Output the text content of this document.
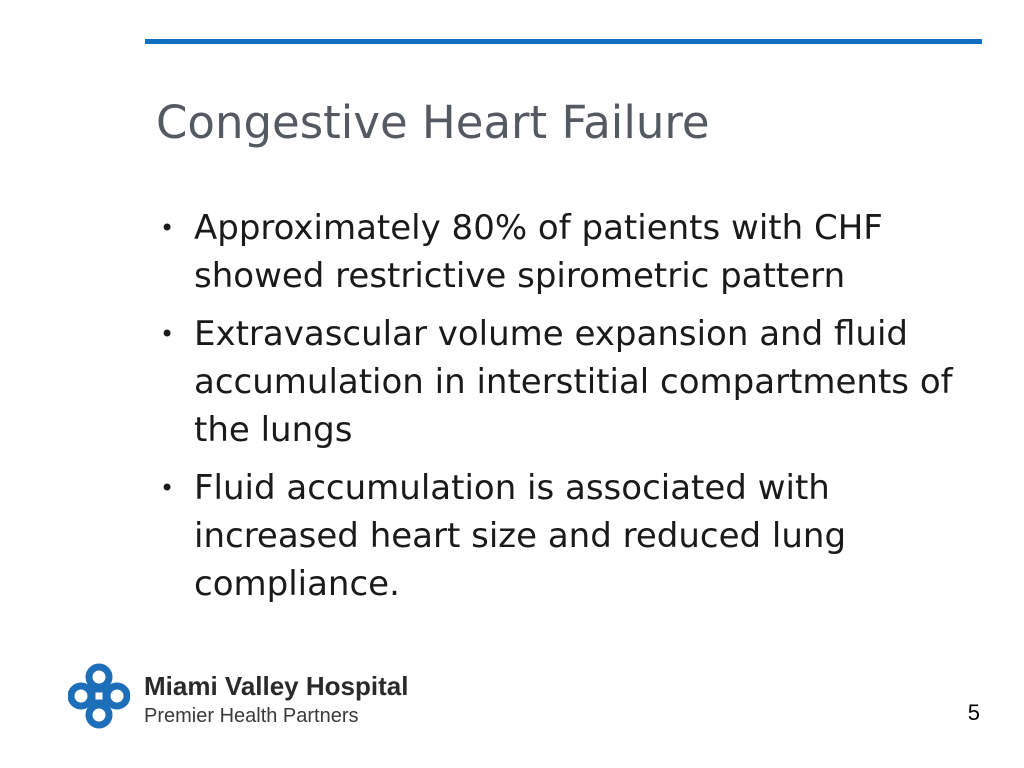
Congestive Heart Failure
• Approximately 80% of patients with CHF showed restrictive spirometric pattern
• Extravascular volume expansion and fluid accumulation in interstitial compartments of the lungs
• Fluid accumulation is associated with increased heart size and reduced lung compliance.
Miami Valley Hospital
Premier Health Partners	5
